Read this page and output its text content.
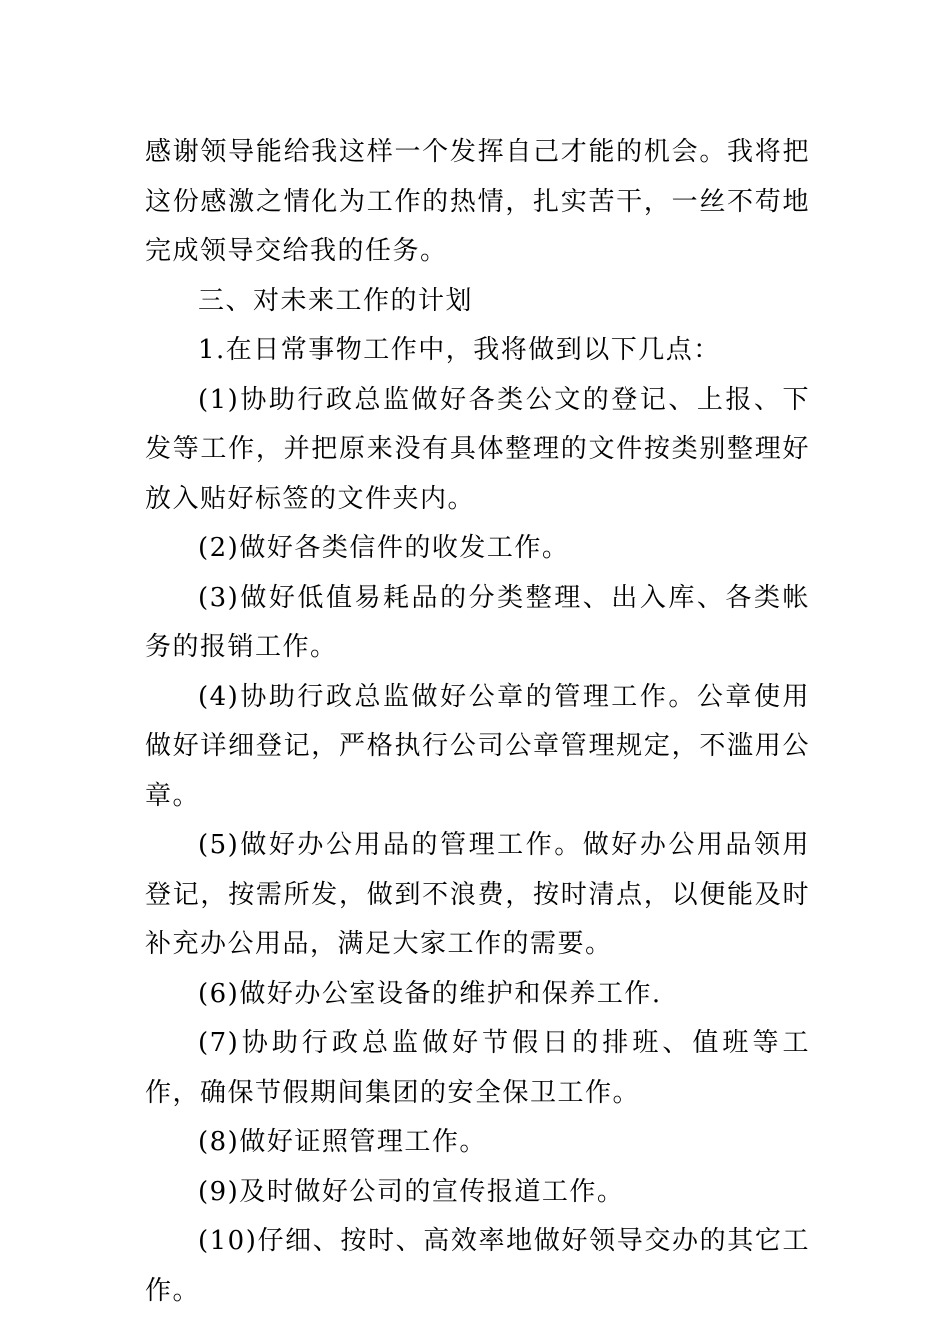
感谢领导能给我这样一个发挥自己才能的机会。我将把这份感激之情化为工作的热情，扎实苦干，一丝不苟地完成领导交给我的任务。

三、对未来工作的计划

1.在日常事物工作中，我将做到以下几点：

(1)协助行政总监做好各类公文的登记、上报、下发等工作，并把原来没有具体整理的文件按类别整理好放入贴好标签的文件夹内。

(2)做好各类信件的收发工作。

(3)做好低值易耗品的分类整理、出入库、各类帐务的报销工作。

(4)协助行政总监做好公章的管理工作。公章使用做好详细登记，严格执行公司公章管理规定，不滥用公章。

(5)做好办公用品的管理工作。做好办公用品领用登记，按需所发，做到不浪费，按时清点，以便能及时补充办公用品，满足大家工作的需要。

(6)做好办公室设备的维护和保养工作.

(7)协助行政总监做好节假日的排班、值班等工作，确保节假期间集团的安全保卫工作。

(8)做好证照管理工作。

(9)及时做好公司的宣传报道工作。

(10)仔细、按时、高效率地做好领导交办的其它工作。
